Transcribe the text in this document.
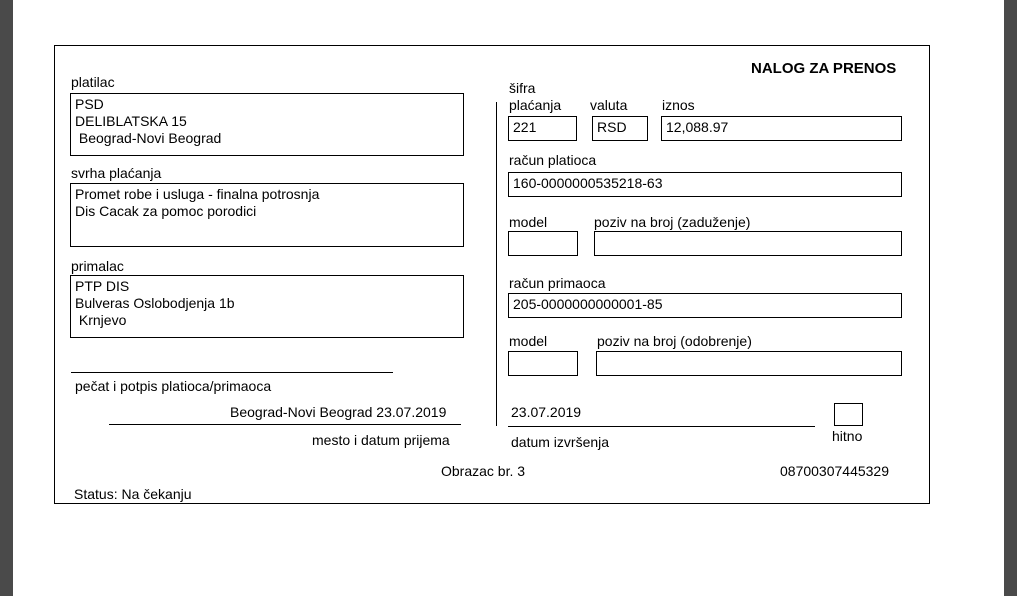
NALOG ZA PRENOS
platilac
PSD
DELIBLATSKA 15
Beograd-Novi Beograd
svrha plaćanja
Promet robe i usluga - finalna potrosnja
Dis Cacak za pomoc porodici
primalac
PTP DIS
Bulveras Oslobodjenja 1b
Krnjevo
pečat i potpis platioca/primaoca
Beograd-Novi Beograd 23.07.2019
mesto i datum prijema
šifra
plaćanja valuta iznos
221	RSD	12,088.97
račun platioca
160-0000000535218-63
model	poziv na broj (zaduženje)
račun primaoca
205-0000000000001-85
model	poziv na broj (odobrenje)
23.07.2019
datum izvršenja	hitno
Obrazac br. 3	08700307445329
Status: Na čekanju
